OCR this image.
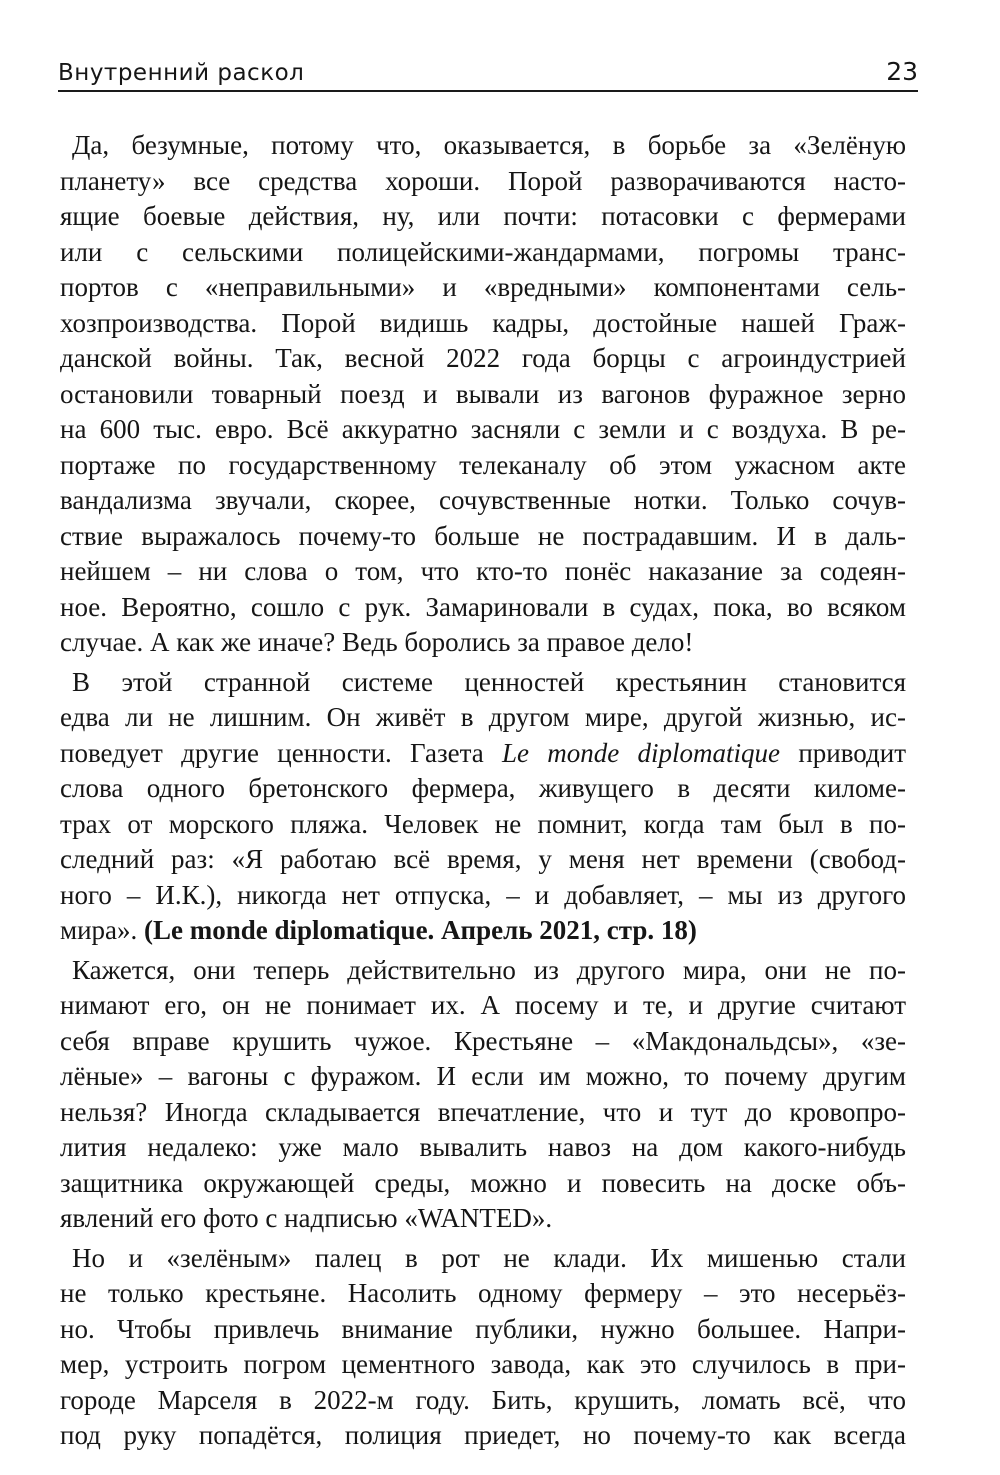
Внутренний раскол	23
Да, безумные, потому что, оказывается, в борьбе за «Зелёную
планету» все средства хороши. Порой разворачиваются насто-
ящие боевые действия, ну, или почти: потасовки с фермерами
или с сельскими полицейскими-жандармами, погромы транс-
портов с «неправильными» и «вредными» компонентами сель-
хозпроизводства. Порой видишь кадры, достойные нашей Граж-
данской войны. Так, весной 2022 года борцы с агроиндустрией
остановили товарный поезд и вывали из вагонов фуражное зерно
на 600 тыс. евро. Всё аккуратно засняли с земли и с воздуха. В ре-
портаже по государственному телеканалу об этом ужасном акте
вандализма звучали, скорее, сочувственные нотки. Только сочув-
ствие выражалось почему-то больше не пострадавшим. И в даль-
нейшем – ни слова о том, что кто-то понёс наказание за содеян-
ное. Вероятно, сошло с рук. Замариновали в судах, пока, во всяком
случае. А как же иначе? Ведь боролись за правое дело!
В этой странной системе ценностей крестьянин становится
едва ли не лишним. Он живёт в другом мире, другой жизнью, ис-
поведует другие ценности. Газета Le monde diplomatique приводит
слова одного бретонского фермера, живущего в десяти киломе-
трах от морского пляжа. Человек не помнит, когда там был в по-
следний раз: «Я работаю всё время, у меня нет времени (свобод-
ного – И.К.), никогда нет отпуска, – и добавляет, – мы из другого
мира». (Le monde diplomatique. Апрель 2021, стр. 18)
Кажется, они теперь действительно из другого мира, они не по-
нимают его, он не понимает их. А посему и те, и другие считают
себя вправе крушить чужое. Крестьяне – «Макдональдсы», «зе-
лёные» – вагоны с фуражом. И если им можно, то почему другим
нельзя? Иногда складывается впечатление, что и тут до кровопро-
лития недалеко: уже мало вывалить навоз на дом какого-нибудь
защитника окружающей среды, можно и повесить на доске объ-
явлений его фото с надписью «WANTED».
Но и «зелёным» палец в рот не клади. Их мишенью стали
не только крестьяне. Насолить одному фермеру – это несерьёз-
но. Чтобы привлечь внимание публики, нужно большее. Напри-
мер, устроить погром цементного завода, как это случилось в при-
городе Марселя в 2022-м году. Бить, крушить, ломать всё, что
под руку попадётся, полиция приедет, но почему-то как всегда
